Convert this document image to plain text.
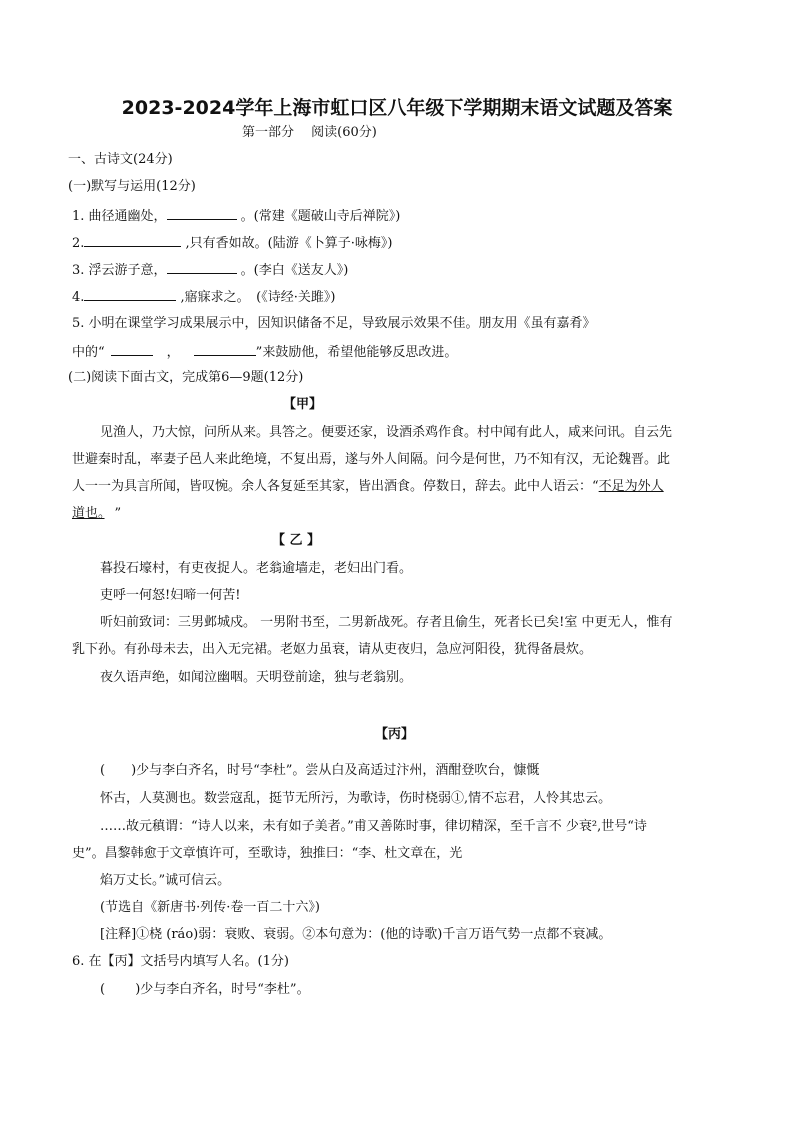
2023-2024学年上海市虹口区八年级下学期期末语文试题及答案
第一部分　 阅读(60分)
一、古诗文(24分)
(一)默写与运用(12分)
1. 曲径通幽处，	。(常建《题破山寺后禅院》)
2.	,只有香如故。(陆游《卜算子·咏梅》)
3. 浮云游子意，	。(李白《送友人》)
4.	,寤寐求之。　(《诗经·关雎》)
5. 小明在课堂学习成果展示中，因知识储备不足，导致展示效果不佳。朋友用《虽有嘉肴》
中的“	，	”来鼓励他，希望他能够反思改进。
(二)阅读下面古文，完成第6—9题(12分)
【甲】
见渔人，乃大惊，问所从来。具答之。便要还家，设酒杀鸡作食。村中闻有此人，咸来问讯。自云先
世避秦时乱，率妻子邑人来此绝境，不复出焉，遂与外人间隔。问今是何世，乃不知有汉，无论魏晋。此
人一一为具言所闻，皆叹惋。余人各复延至其家，皆出酒食。停数日，辞去。此中人语云：“不足为外人
道也。 ”
【 乙 】
暮投石壕村，有吏夜捉人。老翁逾墙走，老妇出门看。
吏呼一何怒!妇啼一何苦!
听妇前致词：三男邺城戍。 一男附书至，二男新战死。存者且偷生，死者长已矣!室 中更无人，惟有
乳下孙。有孙母未去，出入无完裙。老妪力虽衰，请从吏夜归，急应河阳役，犹得备晨炊。
夜久语声绝，如闻泣幽咽。天明登前途，独与老翁别。
【丙】
(　　)少与李白齐名，时号“李杜”。尝从白及高适过汴州，酒酣登吹台，慷慨
怀古，人莫测也。数尝寇乱，挺节无所污，为歌诗，伤时桡弱①,情不忘君，人怜其忠云。
……故元稹谓：“诗人以来，未有如子美者。”甫又善陈时事，律切精深，至千言不 少衰²,世号“诗
史”。昌黎韩愈于文章慎许可，至歌诗，独推曰：“李、杜文章在，光
焰万丈长。”诚可信云。
(节选自《新唐书·列传·卷一百二十六》)
[注释]①桡 (ráo)弱：衰败、衰弱。②本句意为：(他的诗歌)千言万语气势一点都不衰减。
6. 在【丙】文括号内填写人名。(1分)
(　　 )少与李白齐名，时号“李杜”。
